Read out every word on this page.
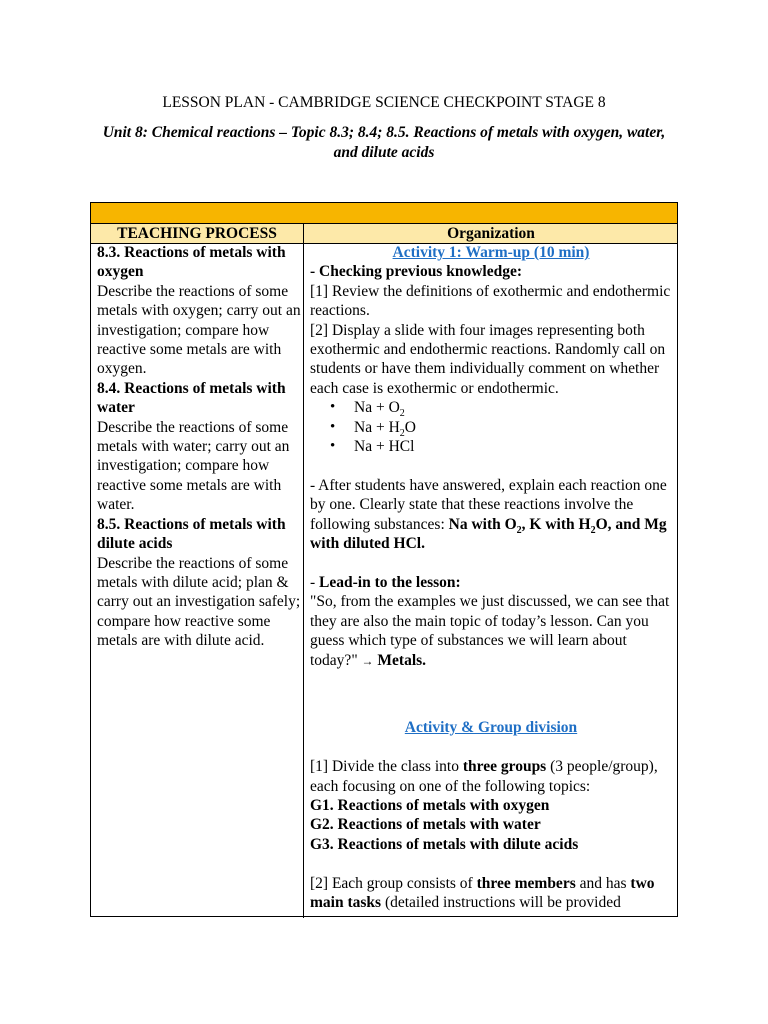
LESSON PLAN - CAMBRIDGE SCIENCE CHECKPOINT STAGE 8
Unit 8: Chemical reactions – Topic 8.3; 8.4; 8.5. Reactions of metals with oxygen, water, and dilute acids
TEACHING PROCESS	Organization

8.3. Reactions of metals with oxygen

Describe the reactions of some metals with oxygen; carry out an investigation; compare how reactive some metals are with oxygen.

8.4. Reactions of metals with water

Describe the reactions of some metals with water; carry out an investigation; compare how reactive some metals are with water.

8.5. Reactions of metals with dilute acids

Describe the reactions of some metals with dilute acid; plan & carry out an investigation safely; compare how reactive some metals are with dilute acid.

Activity 1: Warm-up (10 min)

- Checking previous knowledge:

[1] Review the definitions of exothermic and endothermic reactions.

[2] Display a slide with four images representing both exothermic and endothermic reactions. Randomly call on students or have them individually comment on whether each case is exothermic or endothermic.

• $Na + O_2$
• $Na + H_2O$
• Na + HCl

- After students have answered, explain each reaction one by one. Clearly state that these reactions involve the following substances: Na with $O_2$, K with $H_2O$, and Mg with diluted HCl.

- Lead-in to the lesson:

"So, from the examples we just discussed, we can see that they are also the main topic of today’s lesson. Can you guess which type of substances we will learn about today?" → Metals.

Activity & Group division

[1] Divide the class into three groups (3 people/group), each focusing on one of the following topics:

G1. Reactions of metals with oxygen

G2. Reactions of metals with water

G3. Reactions of metals with dilute acids

[2] Each group consists of three members and has two main tasks (detailed instructions will be provided
